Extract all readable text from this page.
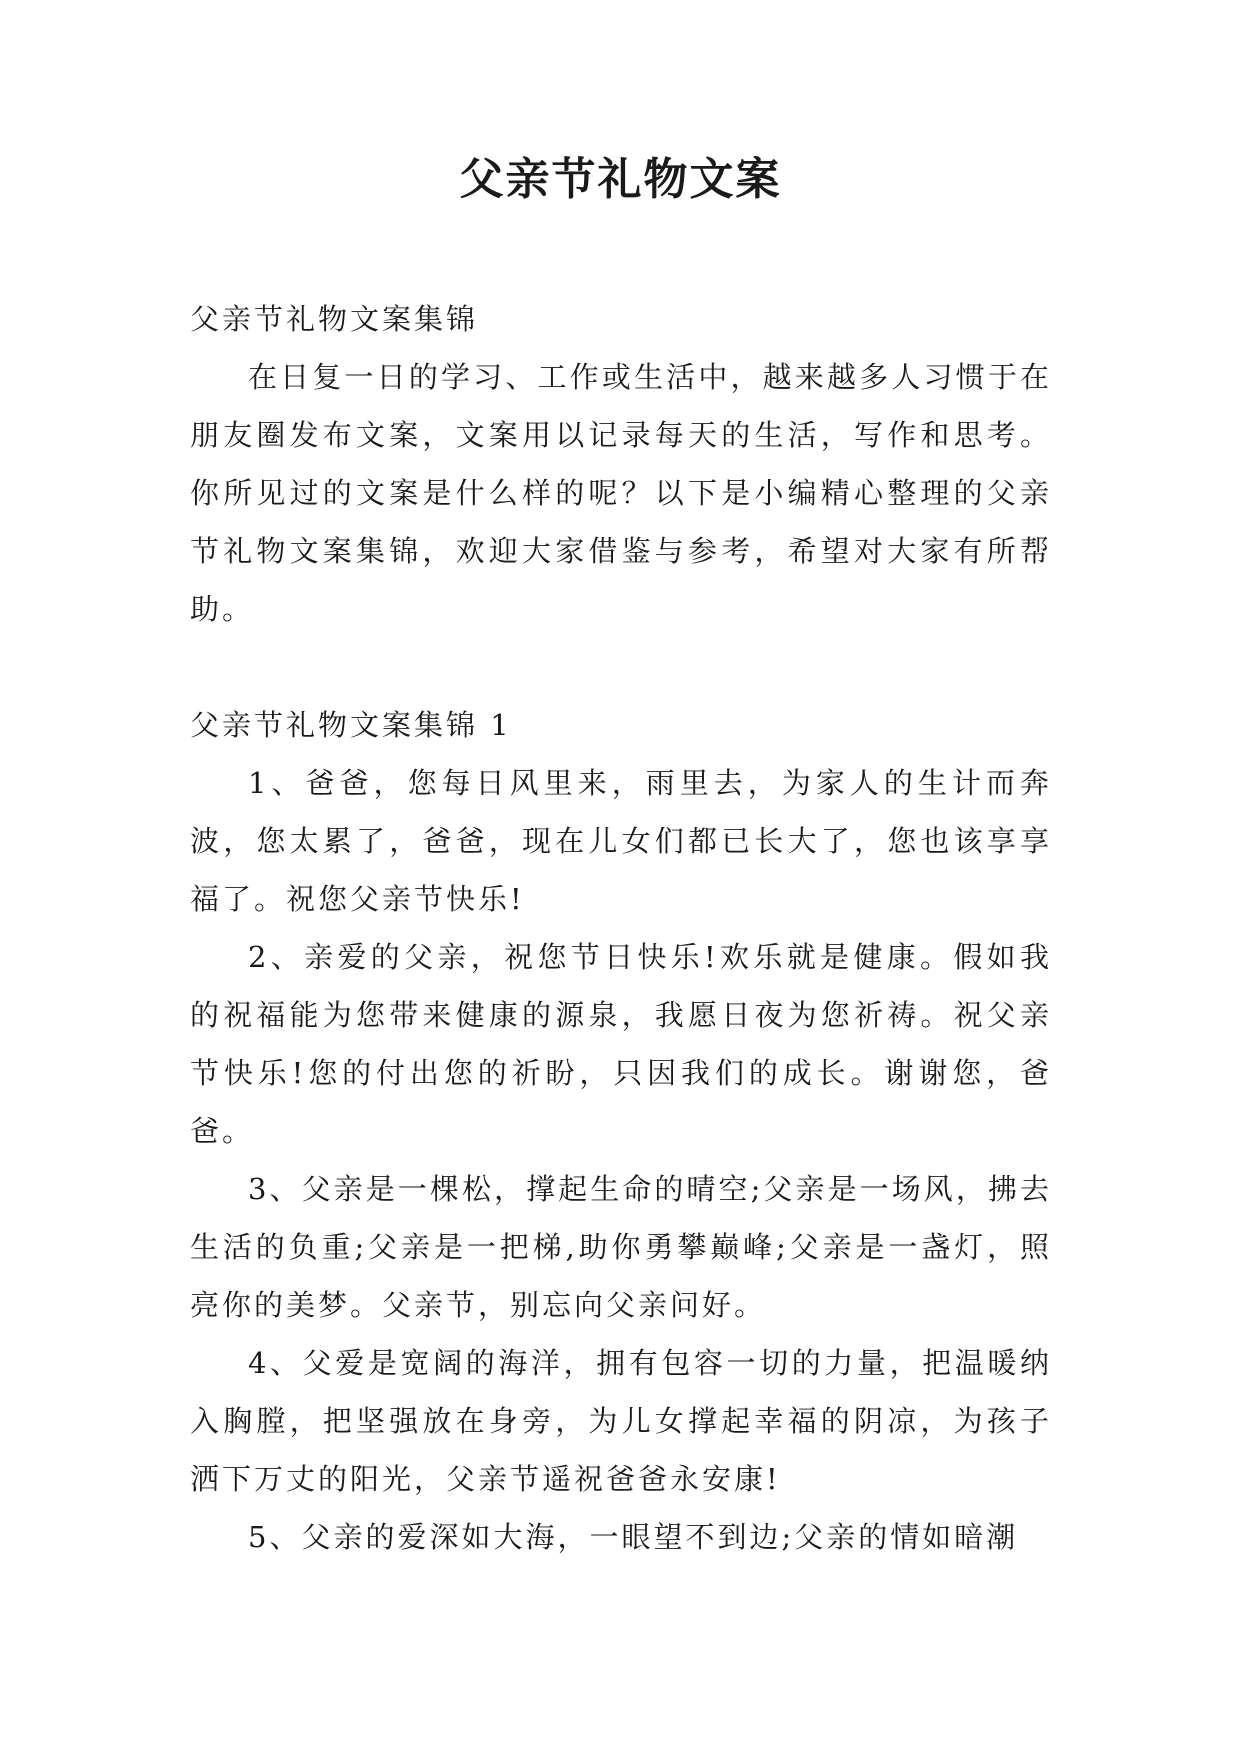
父亲节礼物文案

父亲节礼物文案集锦

在日复一日的学习、工作或生活中，越来越多人习惯于在朋友圈发布文案，文案用以记录每天的生活，写作和思考。你所见过的文案是什么样的呢？以下是小编精心整理的父亲节礼物文案集锦，欢迎大家借鉴与参考，希望对大家有所帮助。

父亲节礼物文案集锦 1

1、爸爸，您每日风里来，雨里去，为家人的生计而奔波，您太累了，爸爸，现在儿女们都已长大了，您也该享享福了。祝您父亲节快乐!

2、亲爱的父亲，祝您节日快乐!欢乐就是健康。假如我的祝福能为您带来健康的源泉，我愿日夜为您祈祷。祝父亲节快乐!您的付出您的祈盼，只因我们的成长。谢谢您，爸爸。

3、父亲是一棵松，撑起生命的晴空;父亲是一场风，拂去生活的负重;父亲是一把梯,助你勇攀巅峰;父亲是一盏灯，照亮你的美梦。父亲节，别忘向父亲问好。

4、父爱是宽阔的海洋，拥有包容一切的力量，把温暖纳入胸膛，把坚强放在身旁，为儿女撑起幸福的阴凉，为孩子洒下万丈的阳光，父亲节遥祝爸爸永安康!

5、父亲的爱深如大海，一眼望不到边;父亲的情如暗潮
